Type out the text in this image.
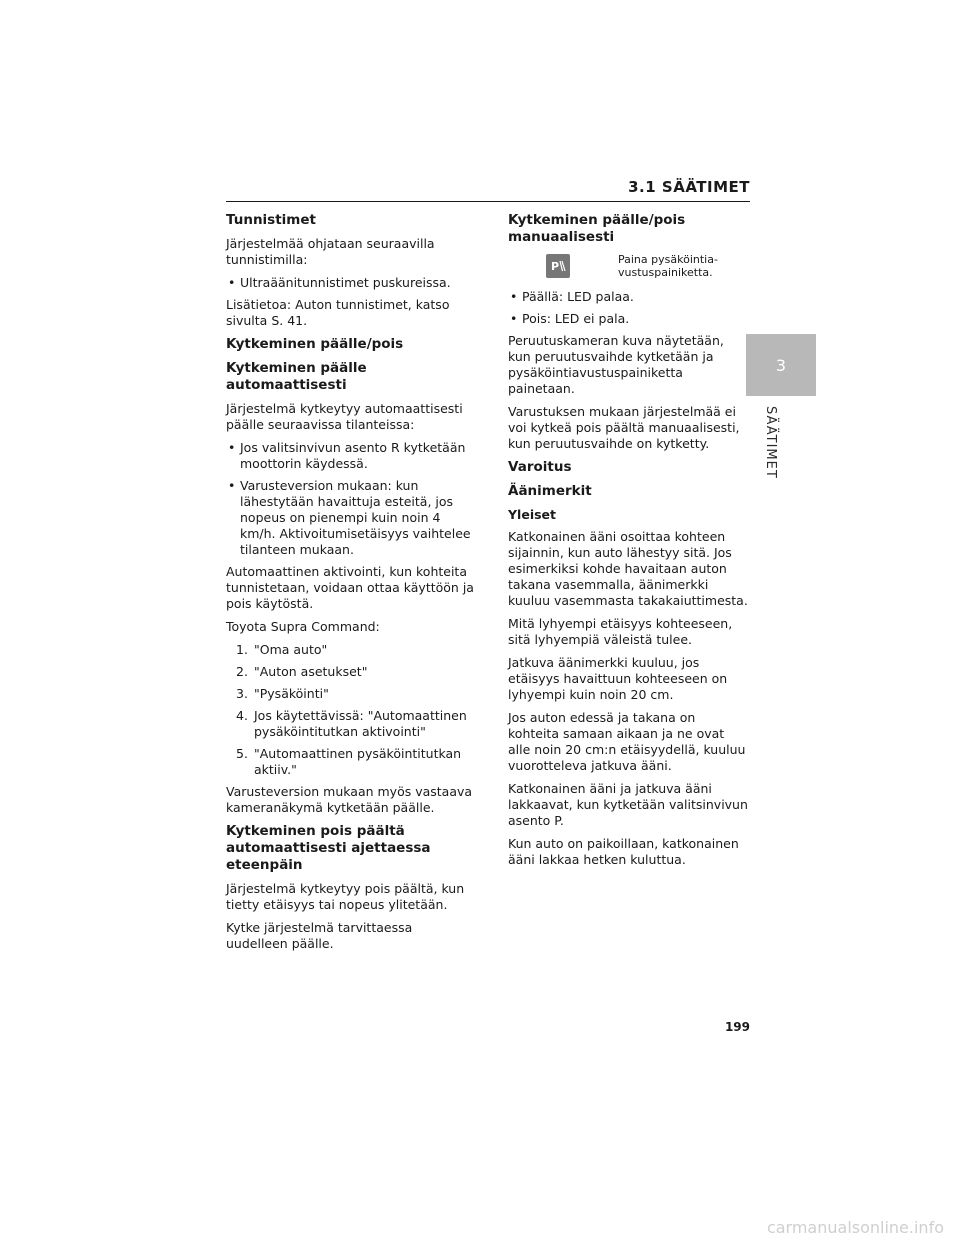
3.1 SÄÄTIMET
3
SÄÄTIMET
Tunnistimet

Järjestelmää ohjataan seuraavilla tunnistimilla:

• Ultraäänitunnistimet puskureissa.

Lisätietoa: Auton tunnistimet, katso sivulta S. 41.

Kytkeminen päälle/pois
Kytkeminen päälle automaattisesti

Järjestelmä kytkeytyy automaattisesti päälle seuraavissa tilanteissa:

• Jos valitsinvivun asento R kytketään moottorin käydessä.
• Varusteversion mukaan: kun lähestytään havaittuja esteitä, jos nopeus on pienempi kuin noin 4 km/h. Aktivoitumisetäisyys vaihtelee tilanteen mukaan.

Automaattinen aktivointi, kun kohteita tunnistetaan, voidaan ottaa käyttöön ja pois käytöstä.

Toyota Supra Command:

1. "Oma auto"
2. "Auton asetukset"
3. "Pysäköinti"
4. Jos käytettävissä: "Automaattinen pysäköintitutkan aktivointi"
5. "Automaattinen pysäköintitutkan aktiiv."

Varusteversion mukaan myös vastaava kameranäkymä kytketään päälle.

Kytkeminen pois päältä automaattisesti ajettaessa eteenpäin

Järjestelmä kytkeytyy pois päältä, kun tietty etäisyys tai nopeus ylitetään.

Kytke järjestelmä tarvittaessa uudelleen päälle.

Kytkeminen päälle/pois manuaalisesti
P
Paina pysäköintiavustuspainiketta.
• Päällä: LED palaa.
• Pois: LED ei pala.

Peruutuskameran kuva näytetään, kun peruutusvaihde kytketään ja pysäköintiavustuspainiketta painetaan.

Varustuksen mukaan järjestelmää ei voi kytkeä pois päältä manuaalisesti, kun peruutusvaihde on kytketty.

Varoitus
Äänimerkit
Yleiset

Katkonainen ääni osoittaa kohteen sijainnin, kun auto lähestyy sitä. Jos esimerkiksi kohde havaitaan auton takana vasemmalla, äänimerkki kuuluu vasemmasta takakaiuttimesta.

Mitä lyhyempi etäisyys kohteeseen, sitä lyhyempiä väleistä tulee.

Jatkuva äänimerkki kuuluu, jos etäisyys havaittuun kohteeseen on lyhyempi kuin noin 20 cm.

Jos auton edessä ja takana on kohteita samaan aikaan ja ne ovat alle noin 20 cm:n etäisyydellä, kuuluu vuorotteleva jatkuva ääni.

Katkonainen ääni ja jatkuva ääni lakkaavat, kun kytketään valitsinvivun asento P.

Kun auto on paikoillaan, katkonainen ääni lakkaa hetken kuluttua.

199
carmanualsonline.info
